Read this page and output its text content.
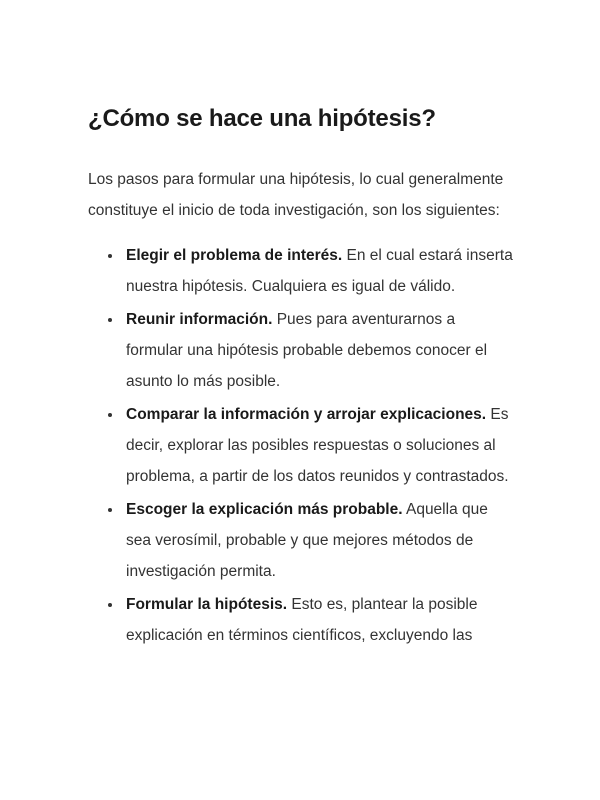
¿Cómo se hace una hipótesis?

Los pasos para formular una hipótesis, lo cual generalmente constituye el inicio de toda investigación, son los siguientes:

Elegir el problema de interés. En el cual estará inserta nuestra hipótesis. Cualquiera es igual de válido.
Reunir información. Pues para aventurarnos a formular una hipótesis probable debemos conocer el asunto lo más posible.
Comparar la información y arrojar explicaciones. Es decir, explorar las posibles respuestas o soluciones al problema, a partir de los datos reunidos y contrastados.
Escoger la explicación más probable. Aquella que sea verosímil, probable y que mejores métodos de investigación permita.
Formular la hipótesis. Esto es, plantear la posible explicación en términos científicos, excluyendo las
